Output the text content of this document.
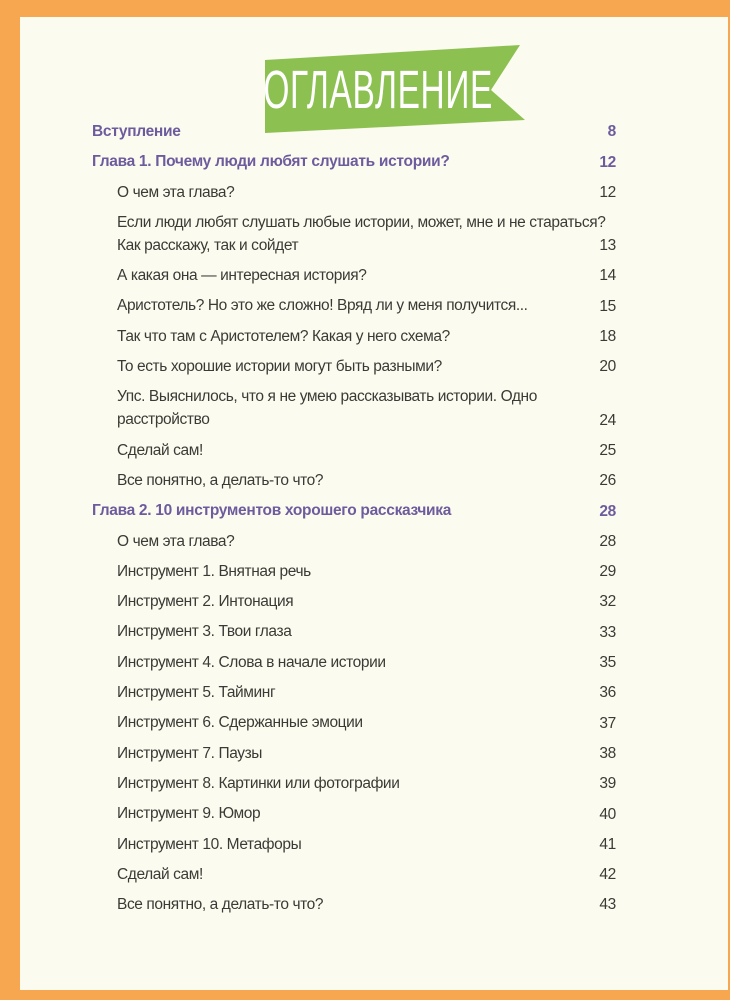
ОГЛАВЛЕНИЕ
Вступление	8
Глава 1. Почему люди любят слушать истории?	12
О чем эта глава?	12
Если люди любят слушать любые истории, может, мне и не стараться? Как расскажу, так и сойдет	13
А какая она — интересная история?	14
Аристотель? Но это же сложно! Вряд ли у меня получится...	15
Так что там с Аристотелем? Какая у него схема?	18
То есть хорошие истории могут быть разными?	20
Упс. Выяснилось, что я не умею рассказывать истории. Одно расстройство	24
Сделай сам!	25
Все понятно, а делать-то что?	26
Глава 2. 10 инструментов хорошего рассказчика	28
О чем эта глава?	28
Инструмент 1. Внятная речь	29
Инструмент 2. Интонация	32
Инструмент 3. Твои глаза	33
Инструмент 4. Слова в начале истории	35
Инструмент 5. Тайминг	36
Инструмент 6. Сдержанные эмоции	37
Инструмент 7. Паузы	38
Инструмент 8. Картинки или фотографии	39
Инструмент 9. Юмор	40
Инструмент 10. Метафоры	41
Сделай сам!	42
Все понятно, а делать-то что?	43
